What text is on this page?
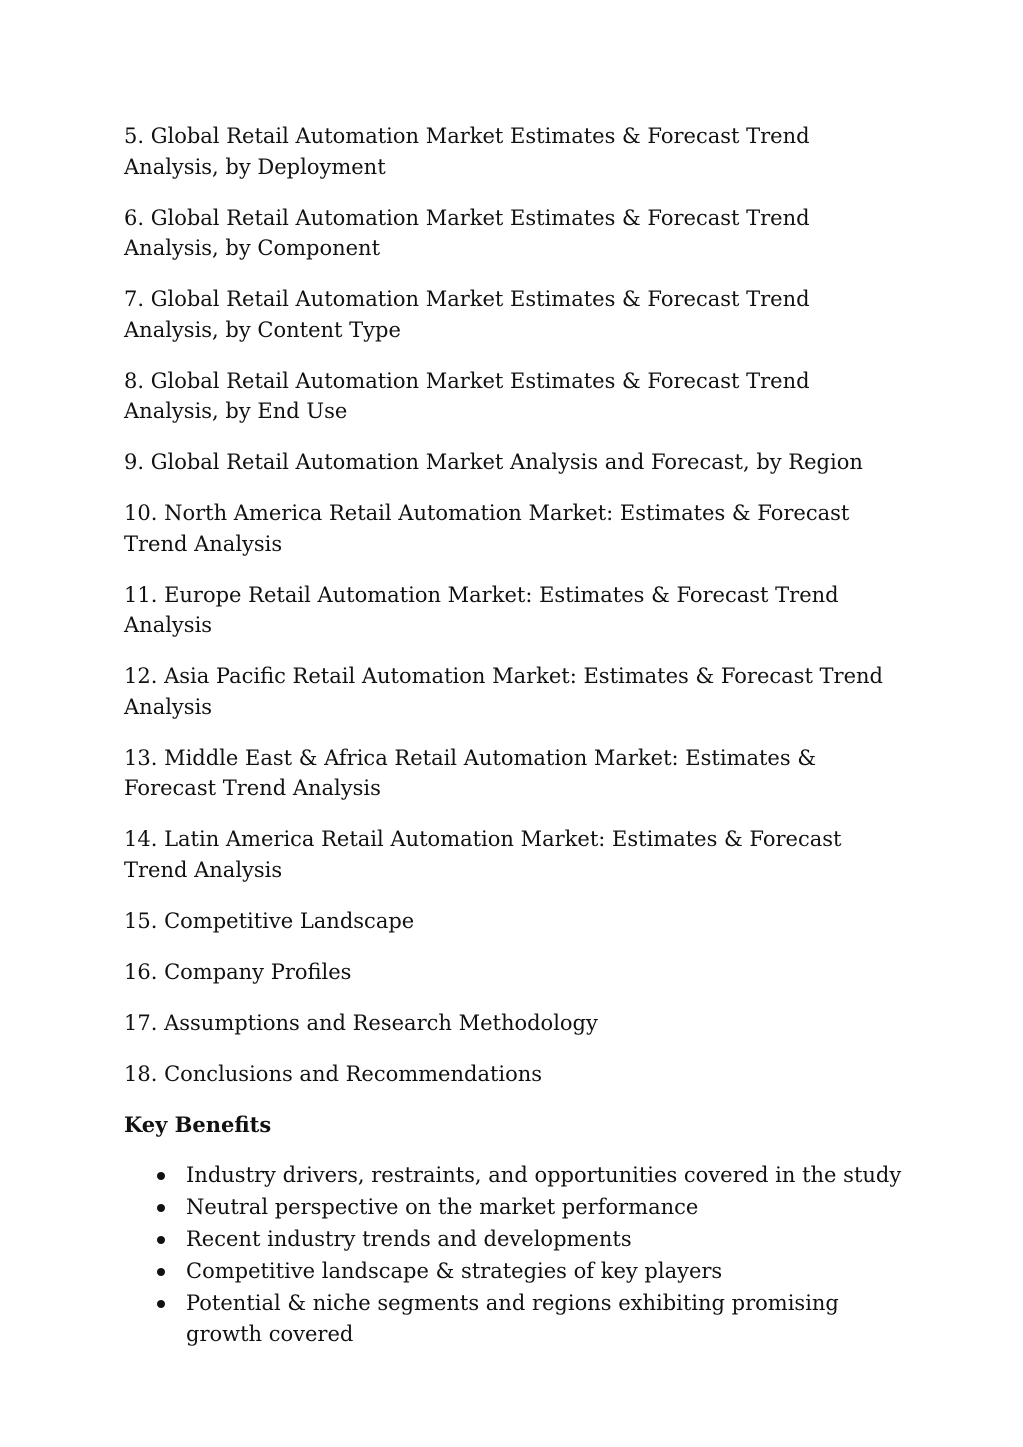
5. Global Retail Automation Market Estimates & Forecast Trend Analysis, by Deployment

6. Global Retail Automation Market Estimates & Forecast Trend Analysis, by Component

7. Global Retail Automation Market Estimates & Forecast Trend Analysis, by Content Type

8. Global Retail Automation Market Estimates & Forecast Trend Analysis, by End Use

9. Global Retail Automation Market Analysis and Forecast, by Region

10. North America Retail Automation Market: Estimates & Forecast Trend Analysis

11. Europe Retail Automation Market: Estimates & Forecast Trend Analysis

12. Asia Pacific Retail Automation Market: Estimates & Forecast Trend Analysis

13. Middle East & Africa Retail Automation Market: Estimates & Forecast Trend Analysis

14. Latin America Retail Automation Market: Estimates & Forecast Trend Analysis

15. Competitive Landscape

16. Company Profiles

17. Assumptions and Research Methodology

18. Conclusions and Recommendations

Key Benefits

Industry drivers, restraints, and opportunities covered in the study
Neutral perspective on the market performance
Recent industry trends and developments
Competitive landscape & strategies of key players
Potential & niche segments and regions exhibiting promising growth covered
